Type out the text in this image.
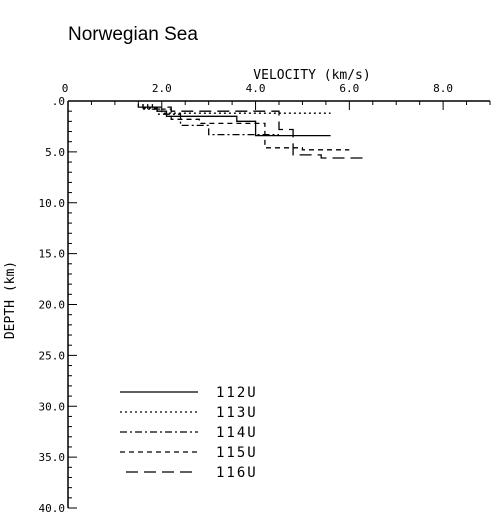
Norwegian Sea
0	2.0	4.0	6.0	8.0
.0
5.0
10.0
15.0
20.0
25.0
30.0
35.0
40.0
VELOCITY (km/s)
DEPTH (km)
112U
113U
114U
115U
116U
